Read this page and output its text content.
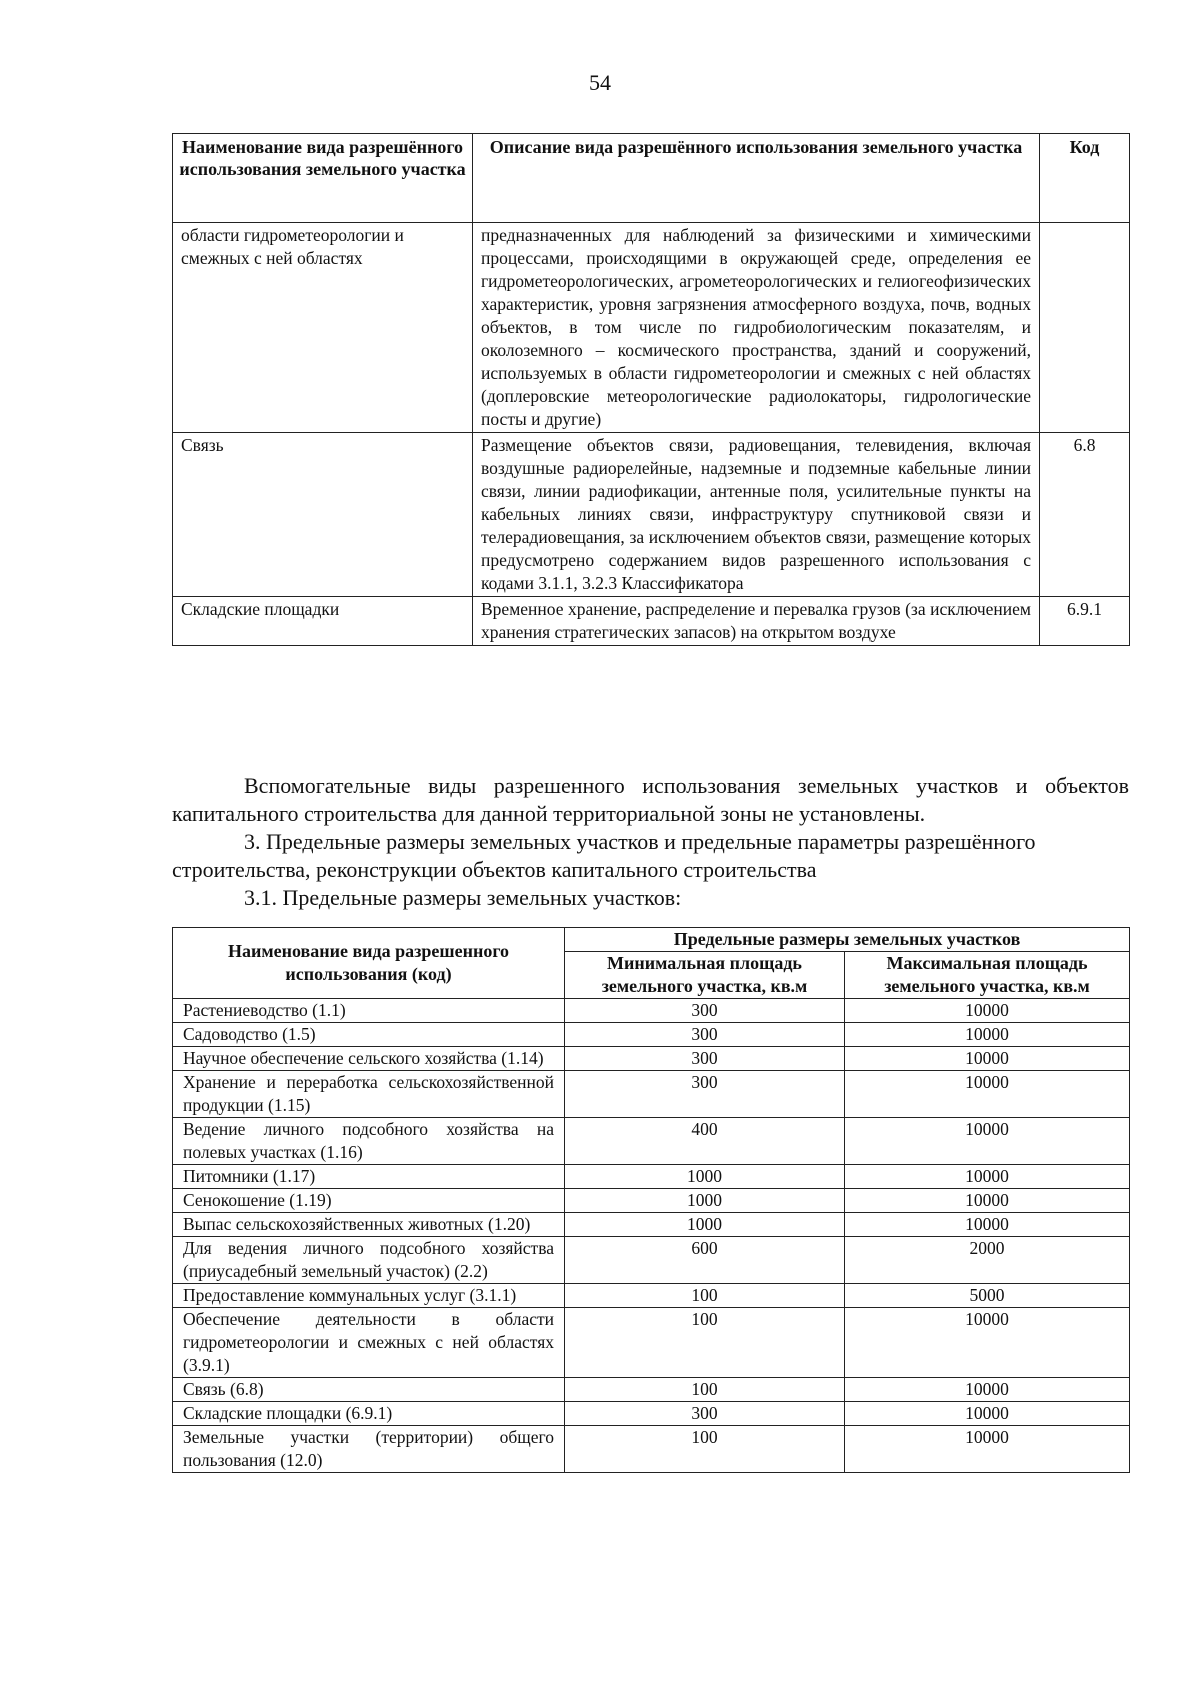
54
Наименование вида разрешённого использования земельного участка	Описание вида разрешённого использования земельного участка	Код
области гидрометеорологии и смежных с ней областях	предназначенных для наблюдений за физическими и химическими процессами, происходящими в окружающей среде, определения ее гидрометеорологических, агрометеорологических и гелиогеофизических характеристик, уровня загрязнения атмосферного воздуха, почв, водных объектов, в том числе по гидробиологическим показателям, и околоземного – космического пространства, зданий и сооружений, используемых в области гидрометеорологии и смежных с ней областях (доплеровские метеорологические радиолокаторы, гидрологические посты и другие)	
Связь	Размещение объектов связи, радиовещания, телевидения, включая воздушные радиорелейные, надземные и подземные кабельные линии связи, линии радиофикации, антенные поля, усилительные пункты на кабельных линиях связи, инфраструктуру спутниковой связи и телерадиовещания, за исключением объектов связи, размещение которых предусмотрено содержанием видов разрешенного использования с кодами 3.1.1, 3.2.3 Классификатора	6.8
Складские площадки	Временное хранение, распределение и перевалка грузов (за исключением хранения стратегических запасов) на открытом воздухе	6.9.1

Вспомогательные виды разрешенного использования земельных участков и объектов капитального строительства для данной территориальной зоны не установлены.

3. Предельные размеры земельных участков и предельные параметры разрешённого строительства, реконструкции объектов капитального строительства

3.1. Предельные размеры земельных участков:

Наименование вида разрешенного использования (код)	Предельные размеры земельных участков	
	Минимальная площадь земельного участка, кв.м	Максимальная площадь земельного участка, кв.м
Растениеводство (1.1)	300	10000
Садоводство (1.5)	300	10000
Научное обеспечение сельского хозяйства (1.14)	300	10000
Хранение и переработка сельскохозяйственной продукции (1.15)	300	10000
Ведение личного подсобного хозяйства на полевых участках (1.16)	400	10000
Питомники (1.17)	1000	10000
Сенокошение (1.19)	1000	10000
Выпас сельскохозяйственных животных (1.20)	1000	10000
Для ведения личного подсобного хозяйства (приусадебный земельный участок) (2.2)	600	2000
Предоставление коммунальных услуг (3.1.1)	100	5000
Обеспечение деятельности в области гидрометеорологии и смежных с ней областях (3.9.1)	100	10000
Связь (6.8)	100	10000
Складские площадки (6.9.1)	300	10000
Земельные участки (территории) общего пользования (12.0)	100	10000
